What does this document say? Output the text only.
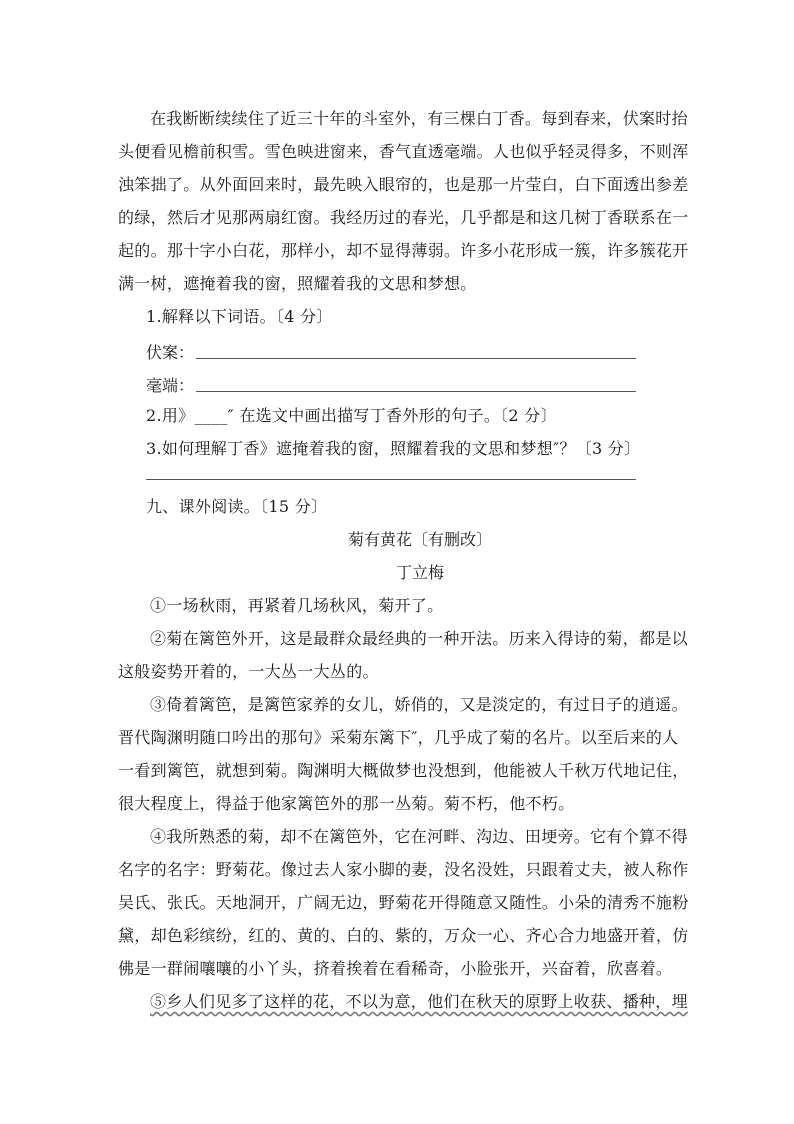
在我断断续续住了近三十年的斗室外，有三棵白丁香。每到春来，伏案时抬
头便看见檐前积雪。雪色映进窗来，香气直透毫端。人也似乎轻灵得多，不则浑
浊笨拙了。从外面回来时，最先映入眼帘的，也是那一片莹白，白下面透出参差
的绿，然后才见那两扇红窗。我经历过的春光，几乎都是和这几树丁香联系在一
起的。那十字小白花，那样小，却不显得薄弱。许多小花形成一簇，许多簇花开
满一树，遮掩着我的窗，照耀着我的文思和梦想。
1.解释以下词语。〔4 分〕
伏案：
毫端：
2.用》____″ 在选文中画出描写丁香外形的句子。〔2 分〕
3.如何理解丁香》遮掩着我的窗，照耀着我的文思和梦想″？〔3 分〕
九、课外阅读。〔15 分〕
菊有黄花〔有删改〕
丁立梅
①一场秋雨，再紧着几场秋风，菊开了。
②菊在篱笆外开，这是最群众最经典的一种开法。历来入得诗的菊，都是以
这般姿势开着的，一大丛一大丛的。
③倚着篱笆，是篱笆家养的女儿，娇俏的，又是淡定的，有过日子的逍遥。
晋代陶渊明随口吟出的那句》采菊东篱下″，几乎成了菊的名片。以至后来的人
一看到篱笆，就想到菊。陶渊明大概做梦也没想到，他能被人千秋万代地记住，
很大程度上，得益于他家篱笆外的那一丛菊。菊不朽，他不朽。
④我所熟悉的菊，却不在篱笆外，它在河畔、沟边、田埂旁。它有个算不得
名字的名字：野菊花。像过去人家小脚的妻，没名没姓，只跟着丈夫，被人称作
吴氏、张氏。天地洞开，广阔无边，野菊花开得随意又随性。小朵的清秀不施粉
黛，却色彩缤纷，红的、黄的、白的、紫的，万众一心、齐心合力地盛开着，仿
佛是一群闹嚷嚷的小丫头，挤着挨着在看稀奇，小脸张开，兴奋着，欣喜着。
⑤乡人们见多了这样的花，不以为意，他们在秋天的原野上收获、播种，埋
